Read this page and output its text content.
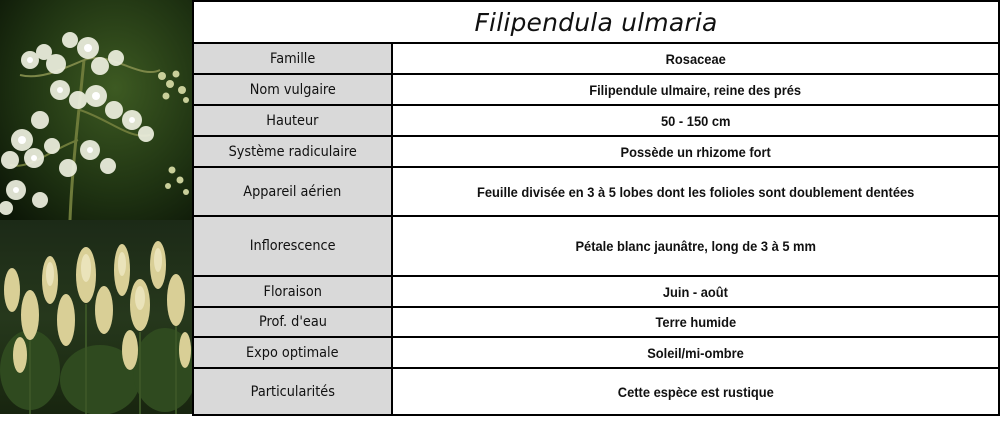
Filipendula ulmaria
Famille	Rosaceae
Nom vulgaire	Filipendule ulmaire, reine des prés
Hauteur	50 - 150 cm
Système radiculaire	Possède un rhizome fort
Appareil aérien	Feuille divisée en 3 à 5 lobes dont les folioles sont doublement dentées
Inflorescence	Pétale blanc jaunâtre, long de 3 à 5 mm
Floraison	Juin - août
Prof. d'eau	Terre humide
Expo optimale	Soleil/mi-ombre
Particularités	Cette espèce est rustique
